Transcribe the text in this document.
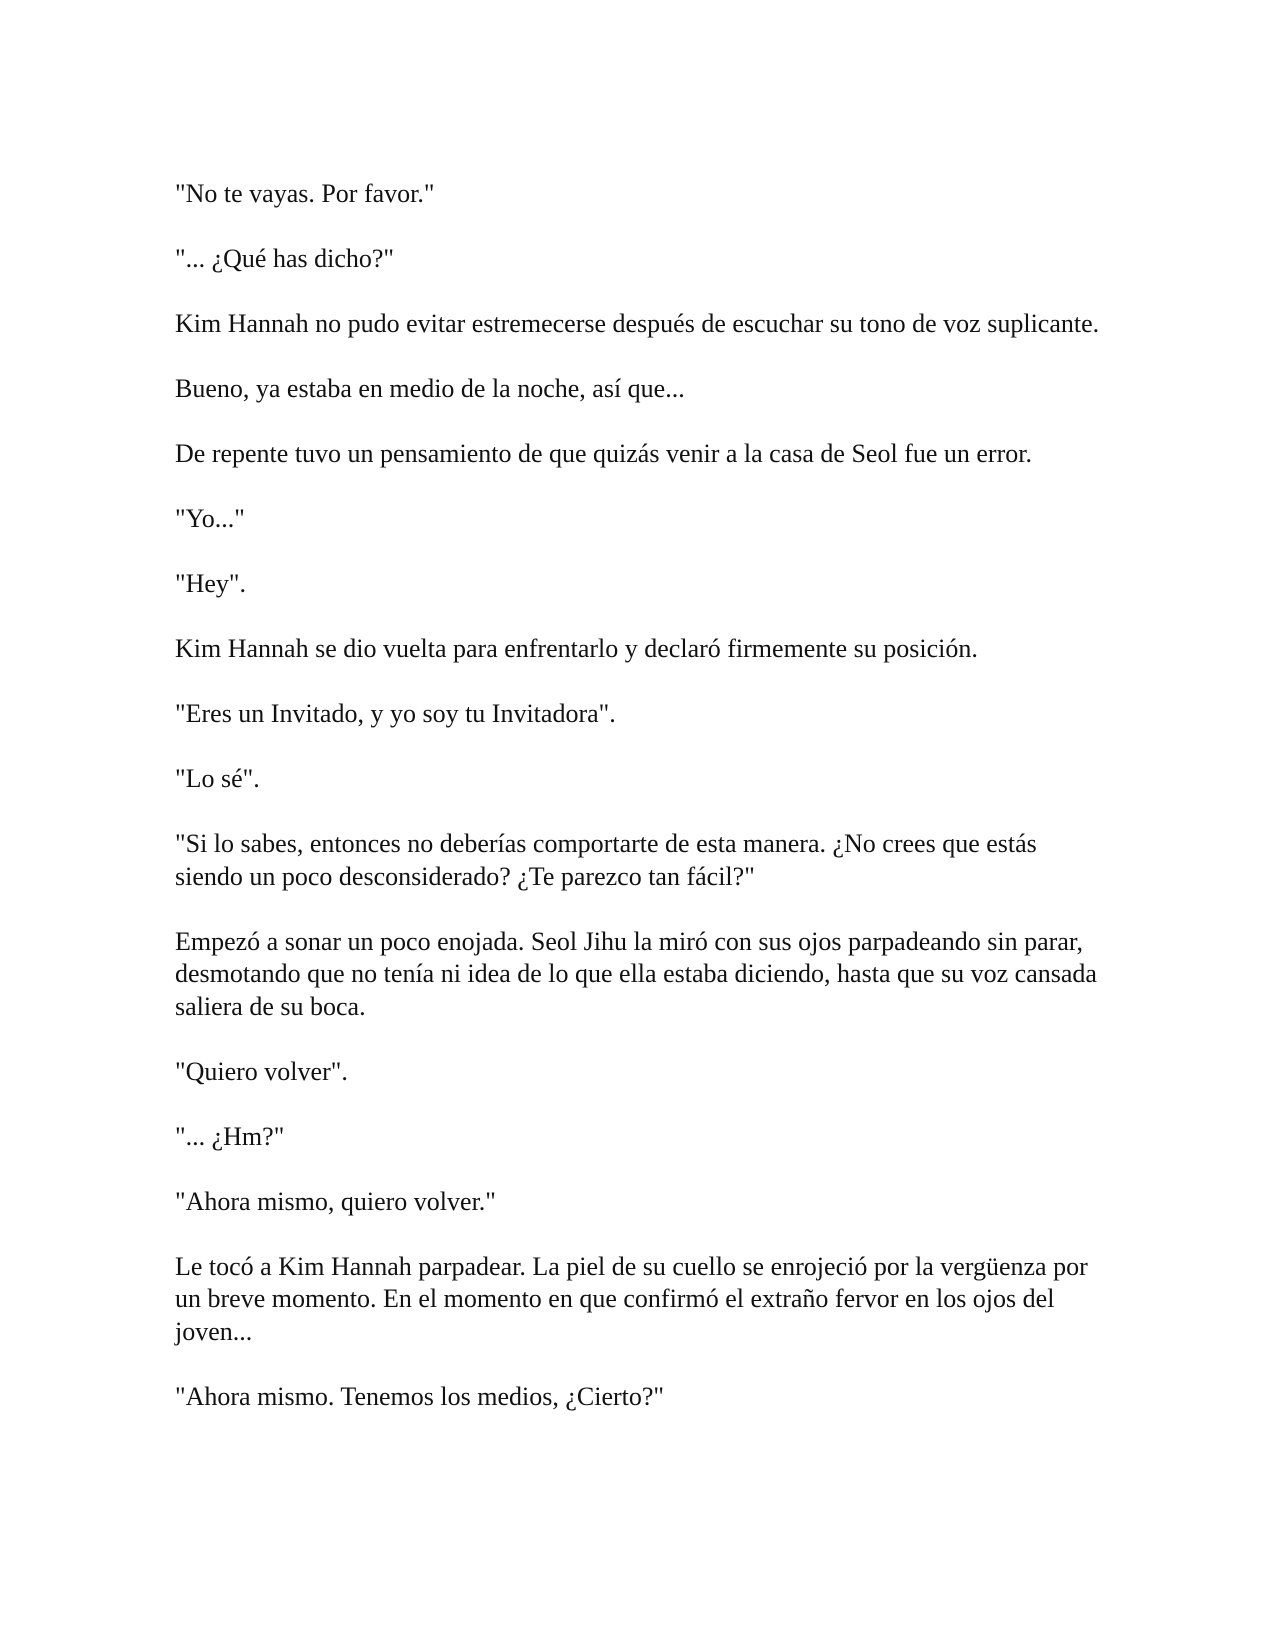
"No te vayas. Por favor."

"... ¿Qué has dicho?"

Kim Hannah no pudo evitar estremecerse después de escuchar su tono de voz suplicante.

Bueno, ya estaba en medio de la noche, así que...

De repente tuvo un pensamiento de que quizás venir a la casa de Seol fue un error.

"Yo..."

"Hey".

Kim Hannah se dio vuelta para enfrentarlo y declaró firmemente su posición.

"Eres un Invitado, y yo soy tu Invitadora".

"Lo sé".

"Si lo sabes, entonces no deberías comportarte de esta manera. ¿No crees que estás siendo un poco desconsiderado? ¿Te parezco tan fácil?"

Empezó a sonar un poco enojada. Seol Jihu la miró con sus ojos parpadeando sin parar, desmotando que no tenía ni idea de lo que ella estaba diciendo, hasta que su voz cansada saliera de su boca.

"Quiero volver".

"... ¿Hm?"

"Ahora mismo, quiero volver."

Le tocó a Kim Hannah parpadear. La piel de su cuello se enrojeció por la vergüenza por un breve momento. En el momento en que confirmó el extraño fervor en los ojos del joven...

"Ahora mismo. Tenemos los medios, ¿Cierto?"
